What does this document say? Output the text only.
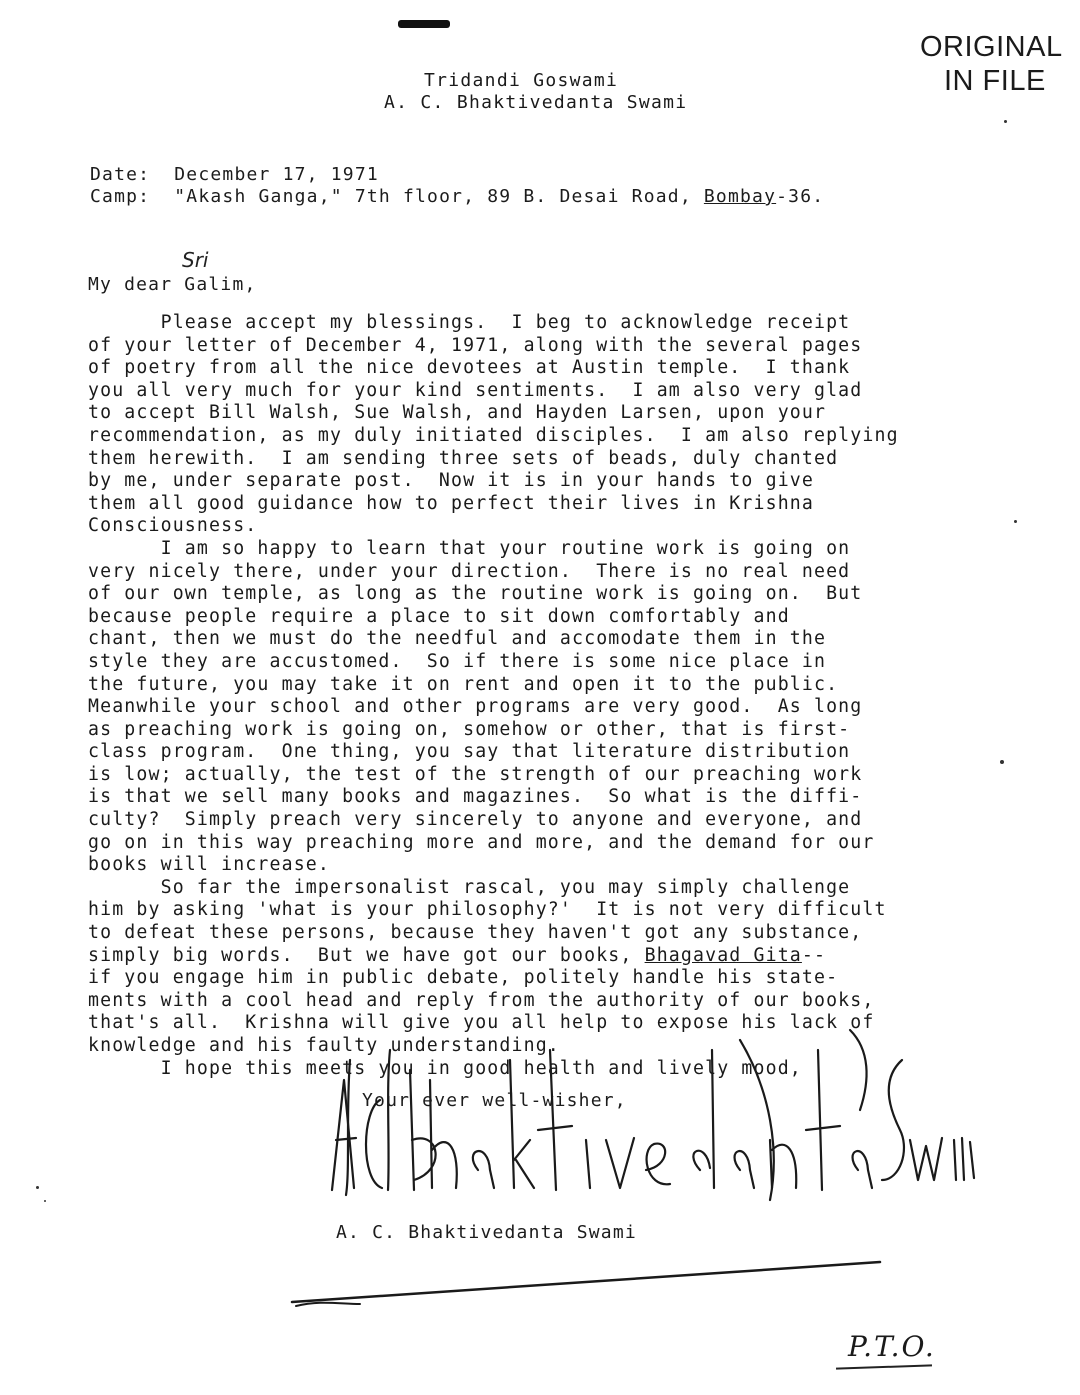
ORIGINAL
IN FILE
Tridandi Goswami
A. C. Bhaktivedanta Swami
Date: December 17, 1971
Camp: "Akash Ganga," 7th floor, 89 B. Desai Road, Bombay-36.
Sri
My dear Galim,

Please accept my blessings.  I beg to acknowledge receipt

of your letter of December 4, 1971, along with the several pages

of poetry from all the nice devotees at Austin temple.  I thank

you all very much for your kind sentiments.  I am also very glad

to accept Bill Walsh, Sue Walsh, and Hayden Larsen, upon your

recommendation, as my duly initiated disciples.  I am also replying

them herewith.  I am sending three sets of beads, duly chanted

by me, under separate post.  Now it is in your hands to give

them all good guidance how to perfect their lives in Krishna

Consciousness.

I am so happy to learn that your routine work is going on

very nicely there, under your direction.  There is no real need

of our own temple, as long as the routine work is going on.  But

because people require a place to sit down comfortably and

chant, then we must do the needful and accomodate them in the

style they are accustomed.  So if there is some nice place in

the future, you may take it on rent and open it to the public.

Meanwhile your school and other programs are very good.  As long

as preaching work is going on, somehow or other, that is first-

class program.  One thing, you say that literature distribution

is low; actually, the test of the strength of our preaching work

is that we sell many books and magazines.  So what is the diffi-

culty?  Simply preach very sincerely to anyone and everyone, and

go on in this way preaching more and more, and the demand for our

books will increase.

So far the impersonalist rascal, you may simply challenge

him by asking 'what is your philosophy?'  It is not very difficult

to defeat these persons, because they haven't got any substance,

simply big words.  But we have got our books, Bhagavad Gita--

if you engage him in public debate, politely handle his state-

ments with a cool head and reply from the authority of our books,

that's all.  Krishna will give you all help to expose his lack of

knowledge and his faulty understanding.

I hope this meets you in good health and lively mood,

Your ever well-wisher,
A. C. Bhaktivedanta Swami
P.T.O.
